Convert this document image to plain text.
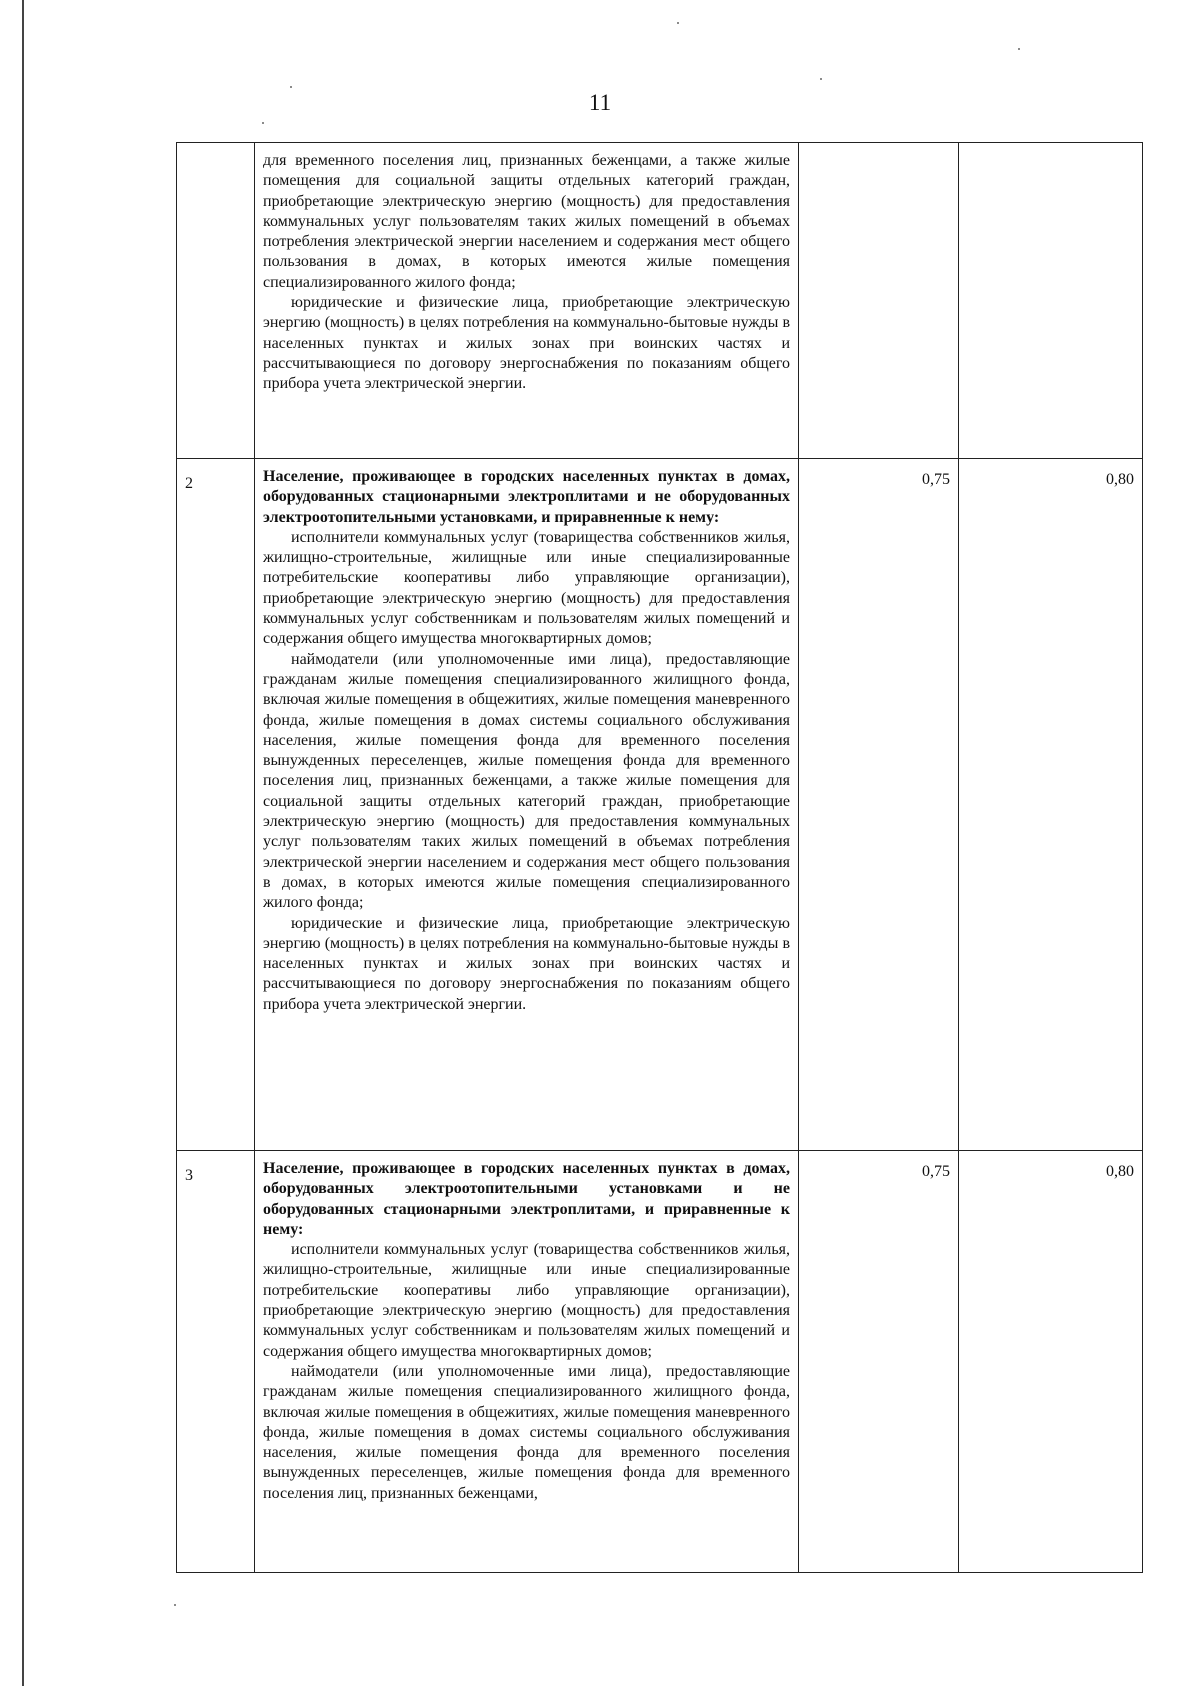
11

	для временного поселения лиц, признанных беженцами, а также жилые помещения для социальной защиты отдельных категорий граждан, приобретающие электрическую энергию (мощность) для предоставления коммунальных услуг пользователям таких жилых помещений в объемах потребления электрической энергии населением и содержания мест общего пользования в домах, в которых имеются жилые помещения специализированного жилого фонда;

юридические и физические лица, приобретающие электрическую энергию (мощность) в целях потребления на коммунально-бытовые нужды в населенных пунктах и жилых зонах при воинских частях и рассчитывающиеся по договору энергоснабжения по показаниям общего прибора учета электрической энергии.		

2	Население, проживающее в городских населенных пунктах в домах, оборудованных стационарными электроплитами и не оборудованных электроотопительными установками, и приравненные к нему:

исполнители коммунальных услуг (товарищества собственников жилья, жилищно-строительные, жилищные или иные специализированные потребительские кооперативы либо управляющие организации), приобретающие электрическую энергию (мощность) для предоставления коммунальных услуг собственникам и пользователям жилых помещений и содержания общего имущества многоквартирных домов;

наймодатели (или уполномоченные ими лица), предоставляющие гражданам жилые помещения специализированного жилищного фонда, включая жилые помещения в общежитиях, жилые помещения маневренного фонда, жилые помещения в домах системы социального обслуживания населения, жилые помещения фонда для временного поселения вынужденных переселенцев, жилые помещения фонда для временного поселения лиц, признанных беженцами, а также жилые помещения для социальной защиты отдельных категорий граждан, приобретающие электрическую энергию (мощность) для предоставления коммунальных услуг пользователям таких жилых помещений в объемах потребления электрической энергии населением и содержания мест общего пользования в домах, в которых имеются жилые помещения специализированного жилого фонда;

юридические и физические лица, приобретающие электрическую энергию (мощность) в целях потребления на коммунально-бытовые нужды в населенных пунктах и жилых зонах при воинских частях и рассчитывающиеся по договору энергоснабжения по показаниям общего прибора учета электрической энергии.	0,75	0,80
3	Население, проживающее в городских населенных пунктах в домах, оборудованных электроотопительными установками и не оборудованных стационарными электроплитами, и приравненные к нему:

исполнители коммунальных услуг (товарищества собственников жилья, жилищно-строительные, жилищные или иные специализированные потребительские кооперативы либо управляющие организации), приобретающие электрическую энергию (мощность) для предоставления коммунальных услуг собственникам и пользователям жилых помещений и содержания общего имущества многоквартирных домов;

наймодатели (или уполномоченные ими лица), предоставляющие гражданам жилые помещения специализированного жилищного фонда, включая жилые помещения в общежитиях, жилые помещения маневренного фонда, жилые помещения в домах системы социального обслуживания населения, жилые помещения фонда для временного поселения вынужденных переселенцев, жилые помещения фонда для временного поселения лиц, признанных беженцами,	0,75	0,80
